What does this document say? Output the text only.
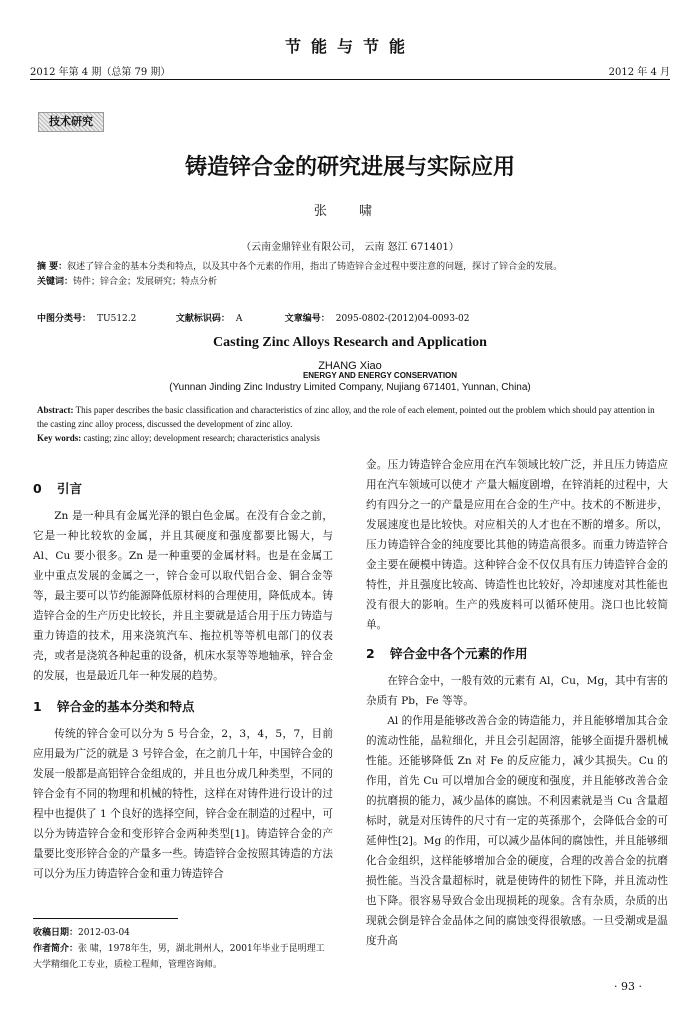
2012 年第 4 期（总第 79 期）
节能与节能
ENERGY AND ENERGY CONSERVATION
2012 年 4 月
技术研究
铸造锌合金的研究进展与实际应用
张 啸
（云南金鼎锌业有限公司， 云南 怒江 671401）
摘 要：叙述了锌合金的基本分类和特点，以及其中各个元素的作用，指出了铸造锌合金过程中要注意的问题，探讨了锌合金的发展。
关键词：铸件；锌合金；发展研究；特点分析
中图分类号： TU512.2	文献标识码： A	文章编号： 2095-0802-(2012)04-0093-02
Casting Zinc Alloys Research and Application
ZHANG Xiao
(Yunnan Jinding Zinc Industry Limited Company, Nujiang 671401, Yunnan, China)
Abstract: This paper describes the basic classification and characteristics of zinc alloy, and the role of each element, pointed out the problem which should pay attention in the casting zinc alloy process, discussed the development of zinc alloy.
Key words: casting; zinc alloy; development research; characteristics analysis
0 引言

Zn 是一种具有金属光泽的银白色金属。在没有合金之前，它是一种比较软的金属，并且其硬度和强度都要比锡大，与 Al、Cu 要小很多。Zn 是一种重要的金属材料。也是在金属工业中重点发展的金属之一，锌合金可以取代铝合金、铜合金等等，最主要可以节约能源降低原材料的合理使用，降低成本。铸造锌合金的生产历史比较长，并且主要就是适合用于压力铸造与重力铸造的技术，用来浇筑汽车、拖拉机等等机电部门的仪表壳，或者是浇筑各种起重的设备，机床水泵等等地轴承，锌合金的发展，也是最近几年一种发展的趋势。

1 锌合金的基本分类和特点

传统的锌合金可以分为 5 号合金，2，3，4，5，7，目前应用最为广泛的就是 3 号锌合金，在之前几十年，中国锌合金的发展一般都是高铝锌合金组成的，并且也分成几种类型，不同的锌合金有不同的物理和机械的特性，这样在对铸件进行设计的过程中也提供了 1 个良好的选择空间，锌合金在制造的过程中，可以分为铸造锌合金和变形锌合金两种类型[1]。铸造锌合金的产量要比变形锌合金的产量多一些。铸造锌合金按照其铸造的方法可以分为压力铸造锌合金和重力铸造锌合

金。压力铸造锌合金应用在汽车领域比较广泛，并且压力铸造应用在汽车领域可以使才 产量大幅度剧增，在锌消耗的过程中，大约有四分之一的产量是应用在合金的生产中。技术的不断进步，发展速度也是比较快。对应相关的人才也在不断的增多。所以，压力铸造锌合金的纯度要比其他的铸造高很多。而重力铸造锌合金主要在硬模中铸造。这种锌合金不仅仅具有压力铸造锌合金的特性，并且强度比较高、铸造性也比较好，冷却速度对其性能也没有很大的影响。生产的残废料可以循环使用。浇口也比较简单。

2 锌合金中各个元素的作用

在锌合金中，一般有效的元素有 Al，Cu，Mg，其中有害的杂质有 Pb，Fe 等等。

Al 的作用是能够改善合金的铸造能力，并且能够增加其合金的流动性能，晶粒细化，并且会引起固溶，能够全面提升器机械性能。还能够降低 Zn 对 Fe 的反应能力，减少其损失。Cu 的作用，首先 Cu 可以增加合金的硬度和强度，并且能够改善合金的抗磨损的能力，减少晶体的腐蚀。不利因素就是当 Cu 含量超标时，就是对压铸件的尺寸有一定的英孫那个，会降低合金的可延伸性[2]。Mg 的作用，可以减少晶体间的腐蚀性，并且能够细化合金组织，这样能够增加合金的硬度，合理的改善合金的抗磨损性能。当没含量超标时，就是使铸件的韧性下降，并且流动性也下降。很容易导致合金出现损耗的现象。含有杂质，杂质的出现就会倒是锌合金晶体之间的腐蚀变得很敏感。一旦受潮或是温度升高

收稿日期：2012-03-04
作者简介：张 啸，1978年生，男，湖北荆州人，2001年毕业于昆明理工大学精细化工专业，质检工程师，管理咨询师。
· 93 ·
